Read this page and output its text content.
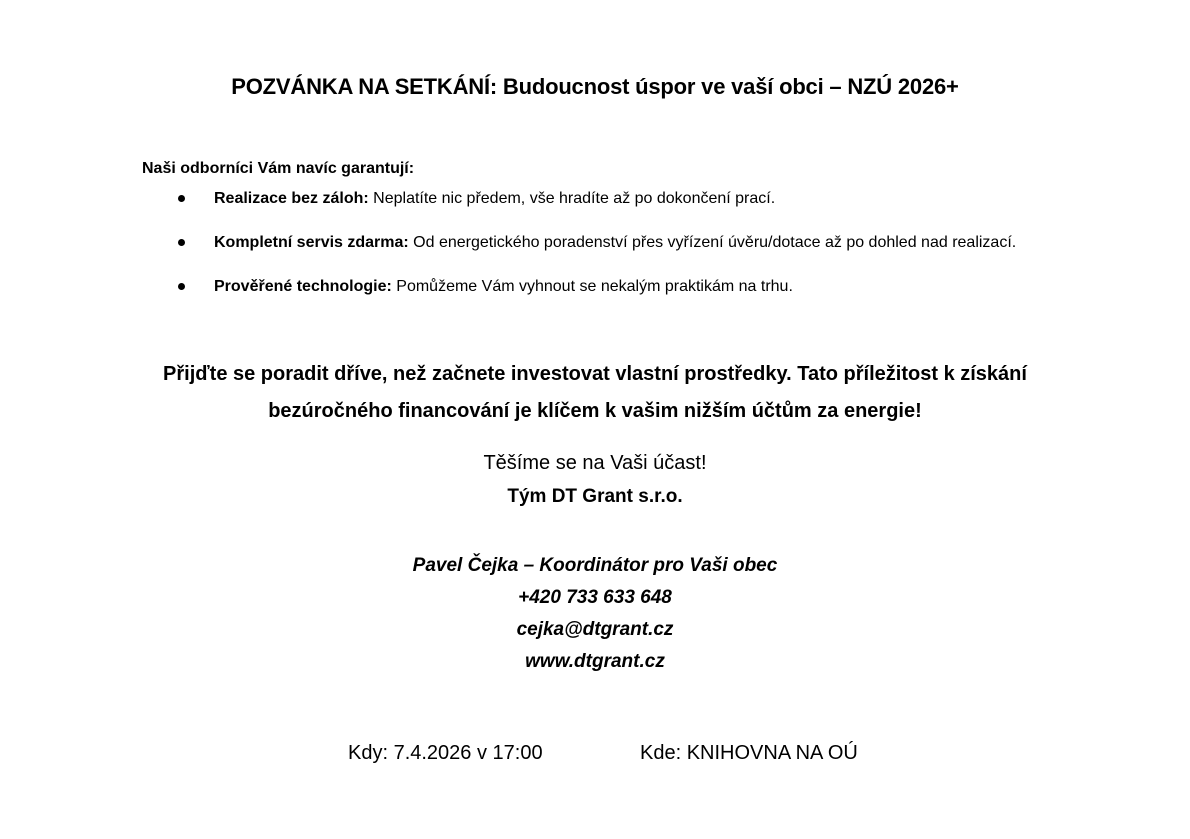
POZVÁNKA NA SETKÁNÍ: Budoucnost úspor ve vaší obci – NZÚ 2026+
Naši odborníci Vám navíc garantují:
Realizace bez záloh: Neplatíte nic předem, vše hradíte až po dokončení prací.
Kompletní servis zdarma: Od energetického poradenství přes vyřízení úvěru/dotace až po dohled nad realizací.
Prověřené technologie: Pomůžeme Vám vyhnout se nekalým praktikám na trhu.
Přijďte se poradit dříve, než začnete investovat vlastní prostředky. Tato příležitost k získání
bezúročného financování je klíčem k vašim nižším účtům za energie!
Těšíme se na Vaši účast!
Tým DT Grant s.r.o.
Pavel Čejka – Koordinátor pro Vaši obec
+420 733 633 648
cejka@dtgrant.cz
www.dtgrant.cz
Kdy: 7.4.2026 v 17:00	Kde: KNIHOVNA NA OÚ
